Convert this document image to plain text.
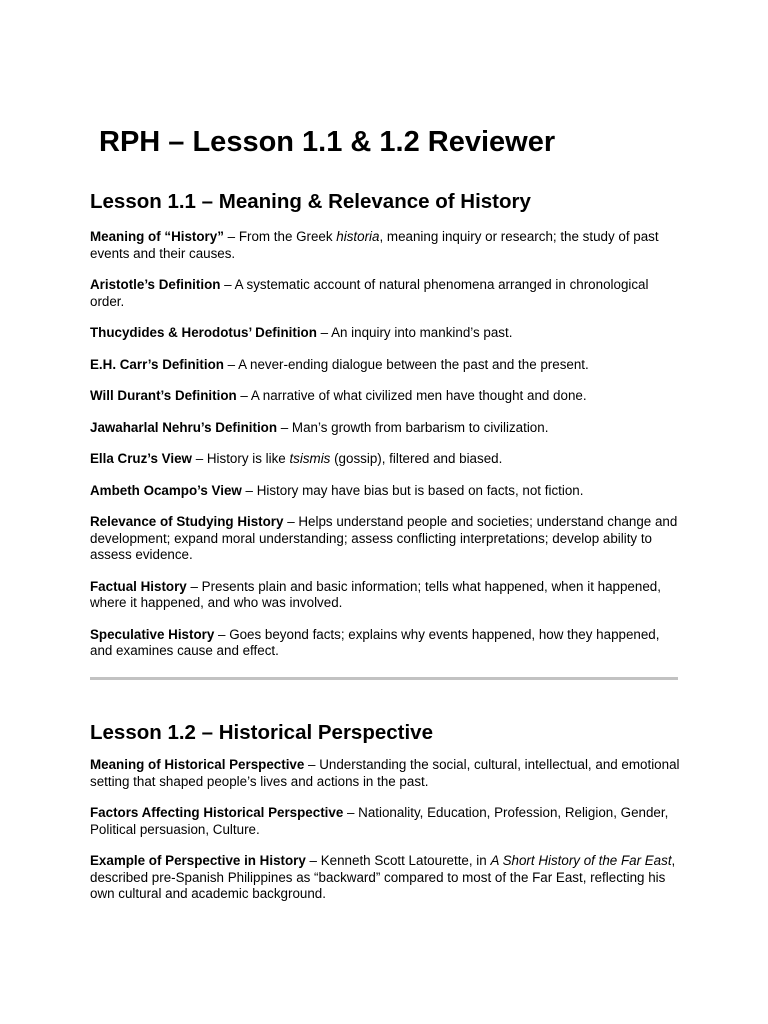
RPH – Lesson 1.1 & 1.2 Reviewer
Lesson 1.1 – Meaning & Relevance of History

Meaning of “History” – From the Greek historia, meaning inquiry or research; the study of past events and their causes.

Aristotle’s Definition – A systematic account of natural phenomena arranged in chronological order.

Thucydides & Herodotus’ Definition – An inquiry into mankind’s past.

E.H. Carr’s Definition – A never-ending dialogue between the past and the present.

Will Durant’s Definition – A narrative of what civilized men have thought and done.

Jawaharlal Nehru’s Definition – Man’s growth from barbarism to civilization.

Ella Cruz’s View – History is like tsismis (gossip), filtered and biased.

Ambeth Ocampo’s View – History may have bias but is based on facts, not fiction.

Relevance of Studying History – Helps understand people and societies; understand change and development; expand moral understanding; assess conflicting interpretations; develop ability to assess evidence.

Factual History – Presents plain and basic information; tells what happened, when it happened, where it happened, and who was involved.

Speculative History – Goes beyond facts; explains why events happened, how they happened, and examines cause and effect.

Lesson 1.2 – Historical Perspective

Meaning of Historical Perspective – Understanding the social, cultural, intellectual, and emotional setting that shaped people’s lives and actions in the past.

Factors Affecting Historical Perspective – Nationality, Education, Profession, Religion, Gender, Political persuasion, Culture.

Example of Perspective in History – Kenneth Scott Latourette, in A Short History of the Far East, described pre-Spanish Philippines as “backward” compared to most of the Far East, reflecting his own cultural and academic background.
